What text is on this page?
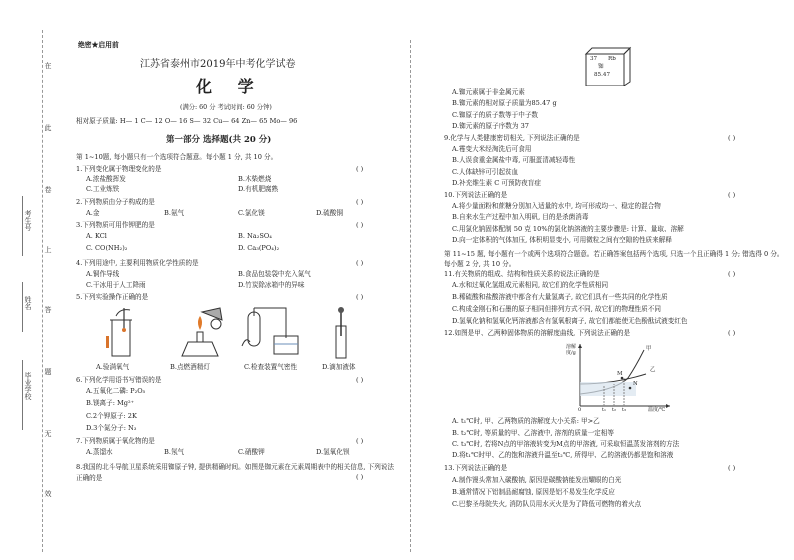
在
此
卷
上
答
题
无
效
考生号
姓名
毕业学校
绝密★启用前
江苏省泰州市2019年中考化学试卷
化 学
(满分: 60 分 考试时间: 60 分钟)
相对原子质量: H— 1 C— 12 O— 16 S— 32 Cu— 64 Zn— 65 Mo— 96
第一部分 选择题(共 20 分)
第 1~10题, 每小题只有一个选项符合题意。每小题 1 分, 共 10 分。
1.下列变化属于物理变化的是	( )
A.浓盐酸挥发	B.木柴燃烧
C.工业炼铁	D.有机肥腐熟
2.下列物质由分子构成的是	( )
A.金	B.氨气	C.氯化镁	D.硫酸铜
3.下列物质可用作钾肥的是	( )
A. KCl	B. Na₂SO₄
C. CO(NH₂)₂	D. Ca₃(PO₄)₂
4.下列用途中, 主要利用物质化学性质的是	( )
A.铜作导线	B.食品包装袋中充入氮气
C.干冰用于人工降雨	D.竹炭除冰箱中的异味
5.下列实验操作正确的是	( )
A.验满氧气	B.点燃酒精灯	C.检查装置气密性	D.滴加液体
6.下列化学用语书写错误的是	( )
A.五氧化二磷: P₂O₅
B.镁离子: Mg²⁺
C.2个钾原子: 2K
D.3个氮分子: N₃
7.下列物质属于氧化物的是	( )
A.蒸馏水	B.氖气	C.硝酸钾	D.氢氧化钡
8.我国的北斗导航卫星系统采用铷原子钟, 提供精确时间。如图是铷元素在元素周期表中的相关信息, 下列说法正确的是	( )
37 Rb
铷
85.47
A.铷元素属于非金属元素
B.铷元素的相对原子质量为85.47 g
C.铷原子的质子数等于中子数
D.铷元素的原子序数为 37
9.化学与人类健康密切相关, 下列说法正确的是	( )
A.霉变大米经淘洗后可食用
B.人误食重金属盐中毒, 可服蛋清减轻毒性
C.人体缺锌可引起贫血
D.补充维生素 C 可预防夜盲症
10.下列说法正确的是	( )
A.将少量面粉和蔗糖分别加入适量的水中, 均可形成均一、稳定的混合物
B.自来水生产过程中加入明矾, 目的是杀菌消毒
C.用氯化钠固体配制 50 克 10%的氯化钠溶液的主要步骤是: 计算、量取、溶解
D.向一定体积的气体加压, 体积明显变小, 可用微粒之间有空隙的性质来解释
第 11~15 题, 每小题有一个或两个选项符合题意。若正确答案包括两个选项, 只选一个且正确得 1 分; 错选得 0 分。每小题 2 分, 共 10 分。
11.有关物质的组成、结构和性质关系的说法正确的是	( )
A.水和过氧化氢组成元素相同, 故它们的化学性质相同
B.稀硫酸和盐酸溶液中都含有大量氢离子, 故它们具有一些共同的化学性质
C.构成金刚石和石墨的原子相同但排列方式不同, 故它们的物理性质不同
D.氢氧化钠和氢氧化钙溶液都含有氢氧根离子, 故它们都能使无色酚酞试液变红色
12.如图是甲、乙两种固体物质的溶解度曲线, 下列说法正确的是	( )
溶解度/g
甲
乙
M
N
0	t₁ t₂ t₃	温度/℃
A. t₁℃时, 甲、乙两物质的溶解度大小关系: 甲>乙
B. t₂℃时, 等质量的甲、乙溶液中, 溶剂的质量一定相等
C. t₃℃时, 若将N点的甲溶液转变为M点的甲溶液, 可采取恒温蒸发溶剂的方法
D.将t₁℃时甲、乙的饱和溶液升温至t₂℃, 所得甲、乙的溶液仍都是饱和溶液
13.下列说法正确的是	( )
A.制作馒头常加入碳酸钠, 原因是碳酸钠能发出耀眼的白光
B.通常情况下铝制品耐腐蚀, 原因是铝不易发生化学反应
C.巴黎圣母院失火, 消防队员用水灭火是为了降低可燃物的着火点
